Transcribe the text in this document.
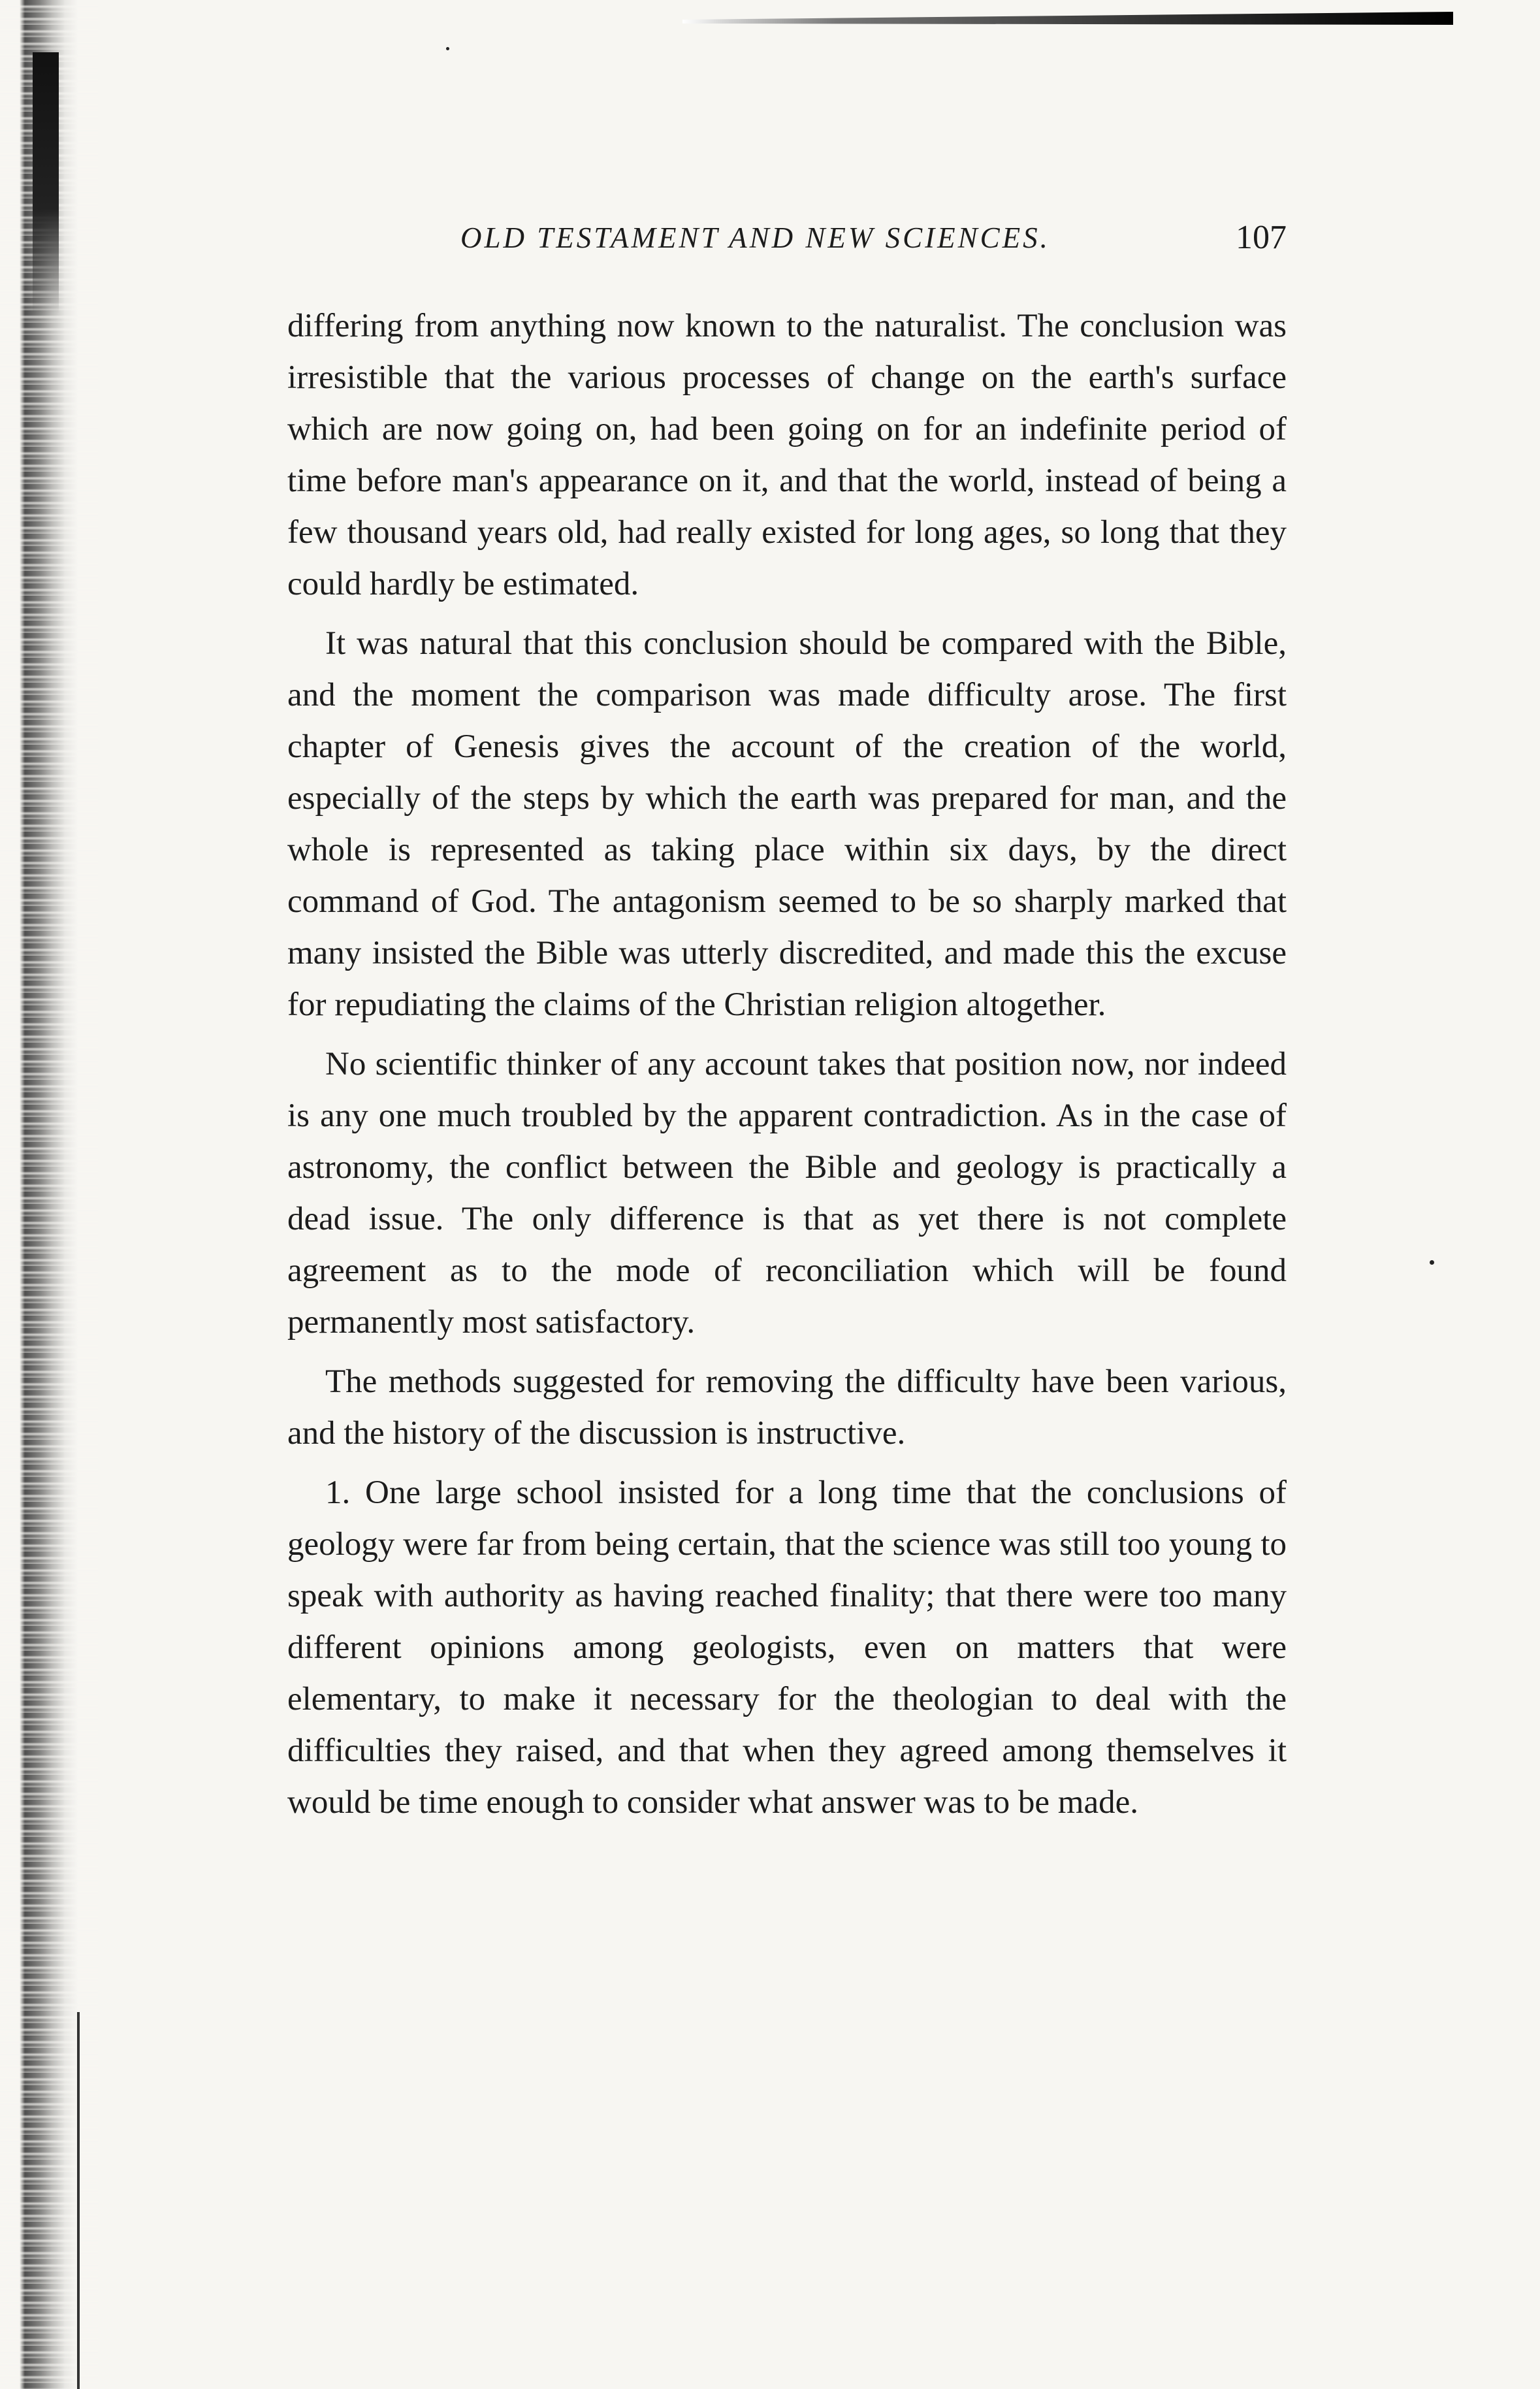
OLD TESTAMENT AND NEW SCIENCES.	107

differing from anything now known to the naturalist. The conclusion was irresistible that the various processes of change on the earth's surface which are now going on, had been going on for an indefinite period of time before man's appearance on it, and that the world, instead of being a few thousand years old, had really existed for long ages, so long that they could hardly be estimated.

It was natural that this conclusion should be compared with the Bible, and the moment the comparison was made difficulty arose. The first chapter of Genesis gives the account of the creation of the world, especially of the steps by which the earth was prepared for man, and the whole is represented as taking place within six days, by the direct command of God. The antagonism seemed to be so sharply marked that many insisted the Bible was utterly discredited, and made this the excuse for repudiating the claims of the Christian religion altogether.

No scientific thinker of any account takes that position now, nor indeed is any one much troubled by the apparent contradiction. As in the case of astronomy, the conflict between the Bible and geology is practically a dead issue. The only difference is that as yet there is not complete agreement as to the mode of reconciliation which will be found permanently most satisfactory.

The methods suggested for removing the difficulty have been various, and the history of the discussion is instructive.

1. One large school insisted for a long time that the conclusions of geology were far from being certain, that the science was still too young to speak with authority as having reached finality; that there were too many different opinions among geologists, even on matters that were elementary, to make it necessary for the theologian to deal with the difficulties they raised, and that when they agreed among themselves it would be time enough to consider what answer was to be made.
